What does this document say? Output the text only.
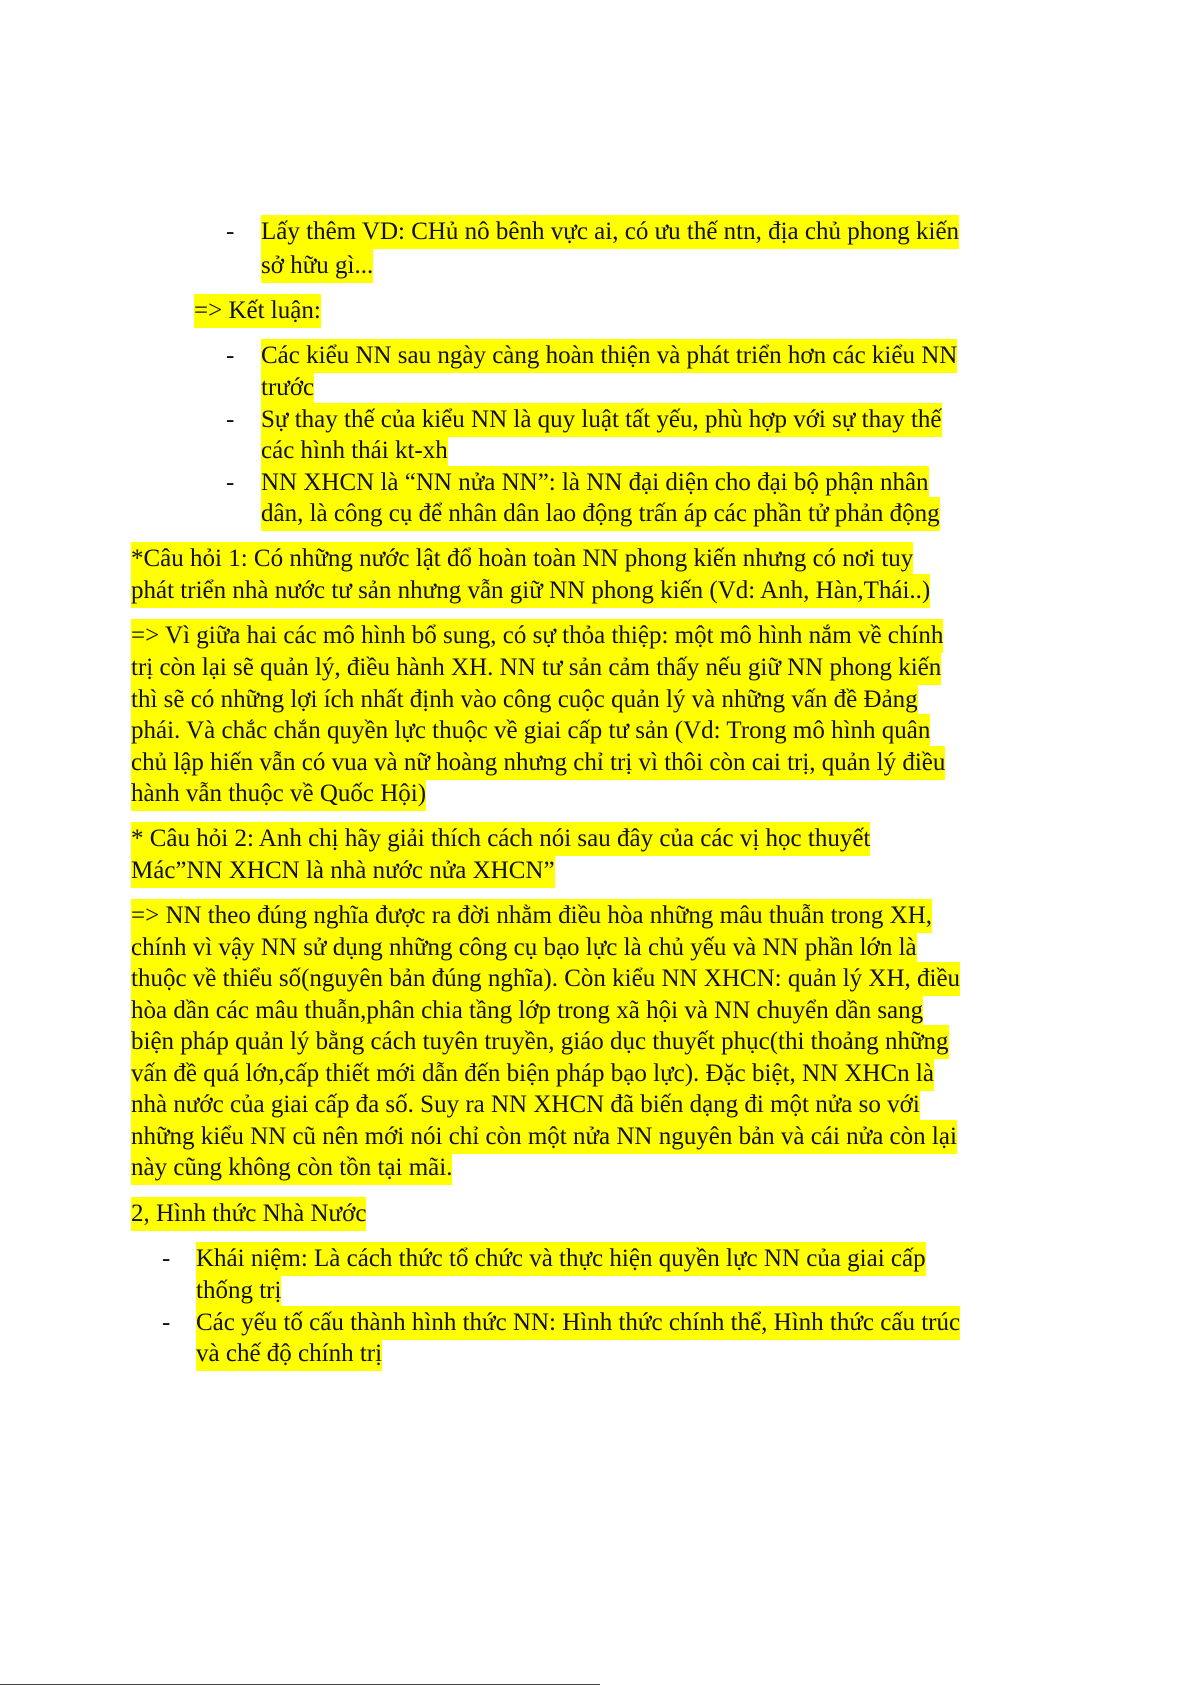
- Lấy thêm VD: CHủ nô bênh vực ai, có ưu thế ntn, địa chủ phong kiến
sở hữu gì...
=> Kết luận:
- Các kiểu NN sau ngày càng hoàn thiện và phát triển hơn các kiểu NN
trước
- Sự thay thế của kiểu NN là quy luật tất yếu, phù hợp với sự thay thế
các hình thái kt-xh
- NN XHCN là “NN nửa NN”: là NN đại diện cho đại bộ phận nhân
dân, là công cụ để nhân dân lao động trấn áp các phần tử phản động
*Câu hỏi 1: Có những nước lật đổ hoàn toàn NN phong kiến nhưng có nơi tuy
phát triển nhà nước tư sản nhưng vẫn giữ NN phong kiến (Vd: Anh, Hàn,Thái..)
=> Vì giữa hai các mô hình bổ sung, có sự thỏa thiệp: một mô hình nắm về chính
trị còn lại sẽ quản lý, điều hành XH. NN tư sản cảm thấy nếu giữ NN phong kiến
thì sẽ có những lợi ích nhất định vào công cuộc quản lý và những vấn đề Đảng
phái. Và chắc chắn quyền lực thuộc về giai cấp tư sản (Vd: Trong mô hình quân
chủ lập hiến vẫn có vua và nữ hoàng nhưng chỉ trị vì thôi còn cai trị, quản lý điều
hành vẫn thuộc về Quốc Hội)
* Câu hỏi 2: Anh chị hãy giải thích cách nói sau đây của các vị học thuyết
Mác”NN XHCN là nhà nước nửa XHCN”
=> NN theo đúng nghĩa được ra đời nhằm điều hòa những mâu thuẫn trong XH,
chính vì vậy NN sử dụng những công cụ bạo lực là chủ yếu và NN phần lớn là
thuộc về thiểu số(nguyên bản đúng nghĩa). Còn kiểu NN XHCN: quản lý XH, điều
hòa dần các mâu thuẫn,phân chia tầng lớp trong xã hội và NN chuyển dần sang
biện pháp quản lý bằng cách tuyên truyền, giáo dục thuyết phục(thi thoảng những
vấn đề quá lớn,cấp thiết mới dẫn đến biện pháp bạo lực). Đặc biệt, NN XHCn là
nhà nước của giai cấp đa số. Suy ra NN XHCN đã biến dạng đi một nửa so với
những kiểu NN cũ nên mới nói chỉ còn một nửa NN nguyên bản và cái nửa còn lại
này cũng không còn tồn tại mãi.
2, Hình thức Nhà Nước
- Khái niệm: Là cách thức tổ chức và thực hiện quyền lực NN của giai cấp
thống trị
- Các yếu tố cấu thành hình thức NN: Hình thức chính thể, Hình thức cấu trúc
và chế độ chính trị
